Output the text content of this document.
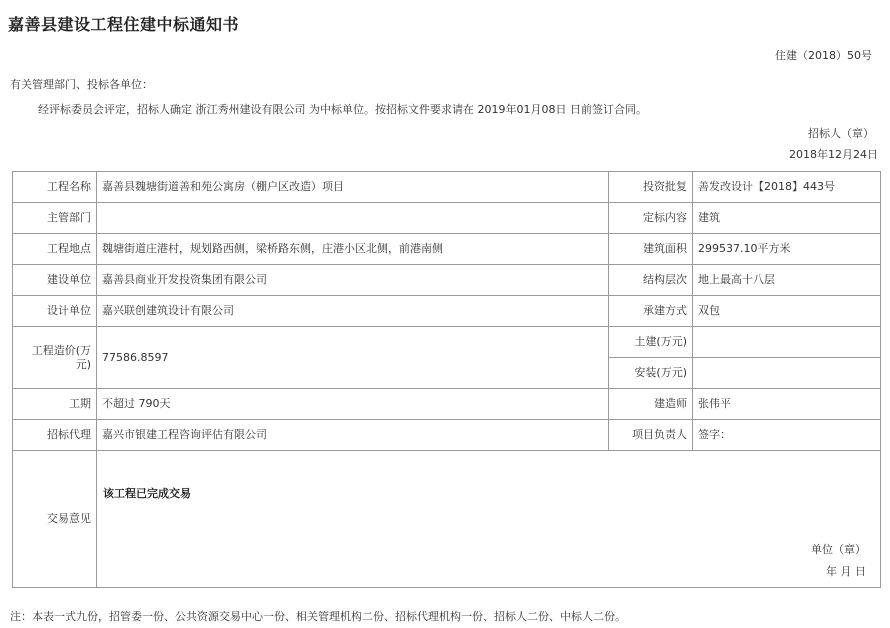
嘉善县建设工程住建中标通知书
住建（2018）50号
有关管理部门、投标各单位：
经评标委员会评定，招标人确定 浙江秀州建设有限公司 为中标单位。按招标文件要求请在 2019年01月08日 日前签订合同。
招标人（章）
2018年12月24日
工程名称	嘉善县魏塘街道善和苑公寓房（棚户区改造）项目	投资批复	善发改设计【2018】443号
主管部门		定标内容	建筑
工程地点	魏塘街道庄港村，规划路西侧，梁桥路东侧，庄港小区北侧，前港南侧	建筑面积	299537.10平方米
建设单位	嘉善县商业开发投资集团有限公司	结构层次	地上最高十八层
设计单位	嘉兴联创建筑设计有限公司	承建方式	双包
工程造价(万元)	77586.8597	土建(万元)	
		安装(万元)	
工期	不超过 790天	建造师	张伟平
招标代理	嘉兴市银建工程咨询评估有限公司	项目负责人	签字：
交易意见	该工程已完成交易
单位（章）
年 月 日		
注：本表一式九份，招管委一份、公共资源交易中心一份、相关管理机构二份、招标代理机构一份、招标人二份、中标人二份。
